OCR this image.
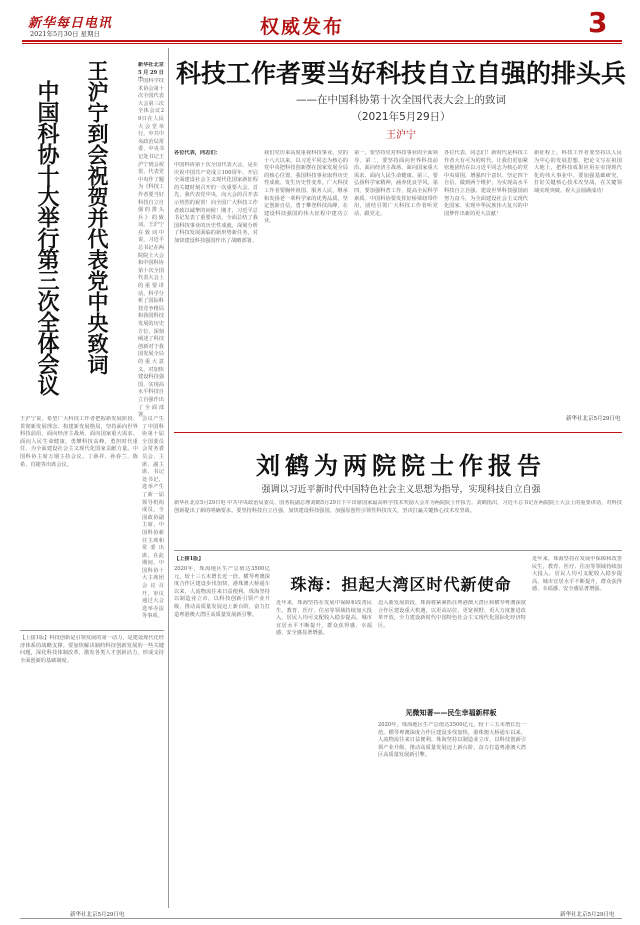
新华每日电讯
2021年5月30日 星期日	权威发布	3
王沪宁到会祝贺并代表党中央致词
中国科协十大举行第三次全体会议
新华社北京5月29日
中国科学技术协会第十次全国代表大会第三次全体会议29日在人民大会堂举行。中共中央政治局常委、中央书记处书记王沪宁到会祝贺，代表党中央作了题为《科技工作者要当好科技自立自强的排头兵》的致词。王沪宁在致词中说，习近平总书记在两院院士大会和中国科协第十次全国代表大会上的重要讲话，科学分析了国际科技竞争格局和我国科技发展的历史方位，深刻阐述了科技创新对于我国发展全局的重大意义，对加快建设科技强国、实现高水平科技自立自强作出了全面部署。
王沪宁说，希望广大科技工作者把握新发展阶段、贯彻新发展理念、构建新发展格局，坚持面向世界科技前沿、面向经济主战场、面向国家重大需求、面向人民生命健康，勇攀科技高峰，勇担时代重任，为全面建设社会主义现代化国家贡献力量。中国科协主席万钢主持会议。丁薛祥、孙春兰、陈希、肖捷等出席会议。
会议产生了中国科协第十届全国委员会常务委员会、主席、副主席、书记处书记，选举产生了新一届领导机构成员。全国政协副主席、中国科协新任主席和常委出席。在此期间，中国科协十大主席团会议召开，审议通过大会选举办法等事项。
【上接1版】科技创新是引领发展的第一动力，是建设现代化经济体系的战略支撑。要加快解决制约科技创新发展的一些关键问题，深化科技体制改革，激发各类人才创新活力，形成支持全面创新的基础制度。
新华社北京5月29日电
科技工作者要当好科技自立自强的排头兵
——在中国科协第十次全国代表大会上的致词
（2021年5月29日）
王沪宁
各位代表，同志们：
中国科协第十次全国代表大会，是在庆祝中国共产党成立100周年、开启全面建设社会主义现代化国家新征程的关键时刻召开的一次重要大会。首先，我代表党中央，向大会的召开表示热烈的祝贺！向全国广大科技工作者致以诚挚的问候！刚才，习近平总书记发表了重要讲话，全面总结了我国科技事业的历史性成就，深刻分析了科技发展面临的新形势新任务，对加快建设科技强国作出了战略部署。
我们党历来高度重视科技事业。党的十八大以来，以习近平同志为核心的党中央把科技创新摆在国家发展全局的核心位置，我国科技事业取得历史性成就、发生历史性变革。广大科技工作者要胸怀祖国、服务人民，继承和发扬老一辈科学家的优秀品质，坚定创新自信，勇于攀登科技高峰，在建设科技强国的伟大征程中建功立业。
第一，要坚持党对科技事业的全面领导。第二，要坚持面向世界科技前沿、面向经济主战场、面向国家重大需求、面向人民生命健康。第三，要弘扬科学家精神，涵养优良学风。第四，要加强科普工作，提高全民科学素质。中国科协要发挥好桥梁纽带作用，团结引领广大科技工作者听党话、跟党走。
各位代表，同志们！新时代是科技工作者大有可为的时代。让我们更加紧密地团结在以习近平同志为核心的党中央周围，增强四个意识、坚定四个自信、做到两个维护，为实现高水平科技自立自强、建设世界科技强国而努力奋斗，为全面建设社会主义现代化国家、实现中华民族伟大复兴的中国梦作出新的更大贡献！
新征程上，科技工作者要坚持以人民为中心的发展思想，把论文写在祖国大地上，把科技成果应用在实现现代化的伟大事业中。要加强基础研究，打好关键核心技术攻坚战，在关键领域实现突破。祝大会圆满成功！
新华社北京5月29日电
刘鹤为两院院士作报告
强调以习近平新时代中国特色社会主义思想为指导，实现科技自立自强
新华社北京5月29日电 中共中央政治局委员、国务院副总理刘鹤5月29日下午出席国家最高科学技术奖励大会并为两院院士作报告。刘鹤指出，习近平总书记在两院院士大会上的重要讲话，对科技创新提出了新的明确要求。要坚持科技自立自强，加快建设科技强国，加强原创性引领性科技攻关，坚决打赢关键核心技术攻坚战。
【上接1版】
2020年，珠海地区生产总值达3500亿元，较十三五末增长近一倍。横琴粤澳深度合作区建设步伐加快，港珠澳大桥通车以来，人流物流往来日益便利。珠海坚持以制造业立市，以科技创新引领产业升级，推动高质量发展迈上新台阶，奋力打造粤港澳大湾区高质量发展新引擎。
珠海：担起大湾区时代新使命
见微知著——民生幸福新样板
近年来，珠海坚持在发展中保障和改善民生，教育、医疗、住房等领域持续加大投入，居民人均可支配收入稳步提高，城市宜居水平不断提升，群众获得感、幸福感、安全感显著增强。
迈入新发展阶段，珠海将紧紧抓住粤港澳大湾区和横琴粤澳深度合作区建设重大机遇，以更高站位、更宽视野、更大力度推进改革开放，全力建设新时代中国特色社会主义现代化国际化经济特区。
2020年，珠海地区生产总值达3500亿元，较十三五末增长近一倍。横琴粤澳深度合作区建设步伐加快，港珠澳大桥通车以来，人流物流往来日益便利。珠海坚持以制造业立市，以科技创新引领产业升级，推动高质量发展迈上新台阶，奋力打造粤港澳大湾区高质量发展新引擎。
近年来，珠海坚持在发展中保障和改善民生，教育、医疗、住房等领域持续加大投入，居民人均可支配收入稳步提高，城市宜居水平不断提升，群众获得感、幸福感、安全感显著增强。
新华社北京5月29日电
